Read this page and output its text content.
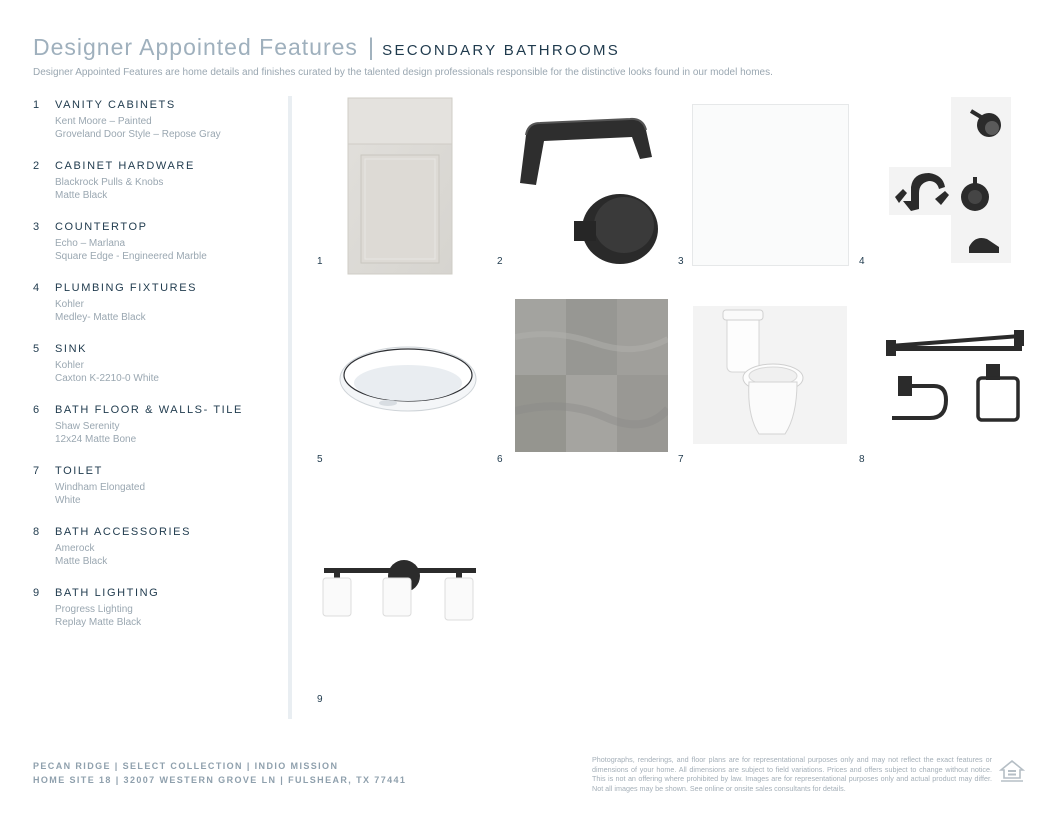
Designer Appointed Features | SECONDARY BATHROOMS
Designer Appointed Features are home details and finishes curated by the talented design professionals responsible for the distinctive looks found in our model homes.
1	VANITY CABINETS
Kent Moore – Painted
Groveland Door Style – Repose Gray
2	CABINET HARDWARE
Blackrock Pulls & Knobs
Matte Black
3	COUNTERTOP
Echo – Marlana
Square Edge - Engineered Marble
4	PLUMBING FIXTURES
Kohler
Medley- Matte Black
5	SINK
Kohler
Caxton K-2210-0 White
6	BATH FLOOR & WALLS- TILE
Shaw Serenity
12x24 Matte Bone
7	TOILET
Windham Elongated
White
8	BATH ACCESSORIES
Amerock
Matte Black
9	BATH LIGHTING
Progress Lighting
Replay Matte Black
1	2	3	4
5	6	7	8
9
PECAN RIDGE | SELECT COLLECTION | INDIO MISSION
HOME SITE 18 | 32007 WESTERN GROVE LN | FULSHEAR, TX 77441
Photographs, renderings, and floor plans are for representational purposes only and may not reflect the exact features or dimensions of your home. All dimensions are subject to field variations. Prices and offers subject to change without notice. This is not an offering where prohibited by law. Images are for representational purposes only and actual product may differ. Not all images may be shown. See online or onsite sales consultants for details.
